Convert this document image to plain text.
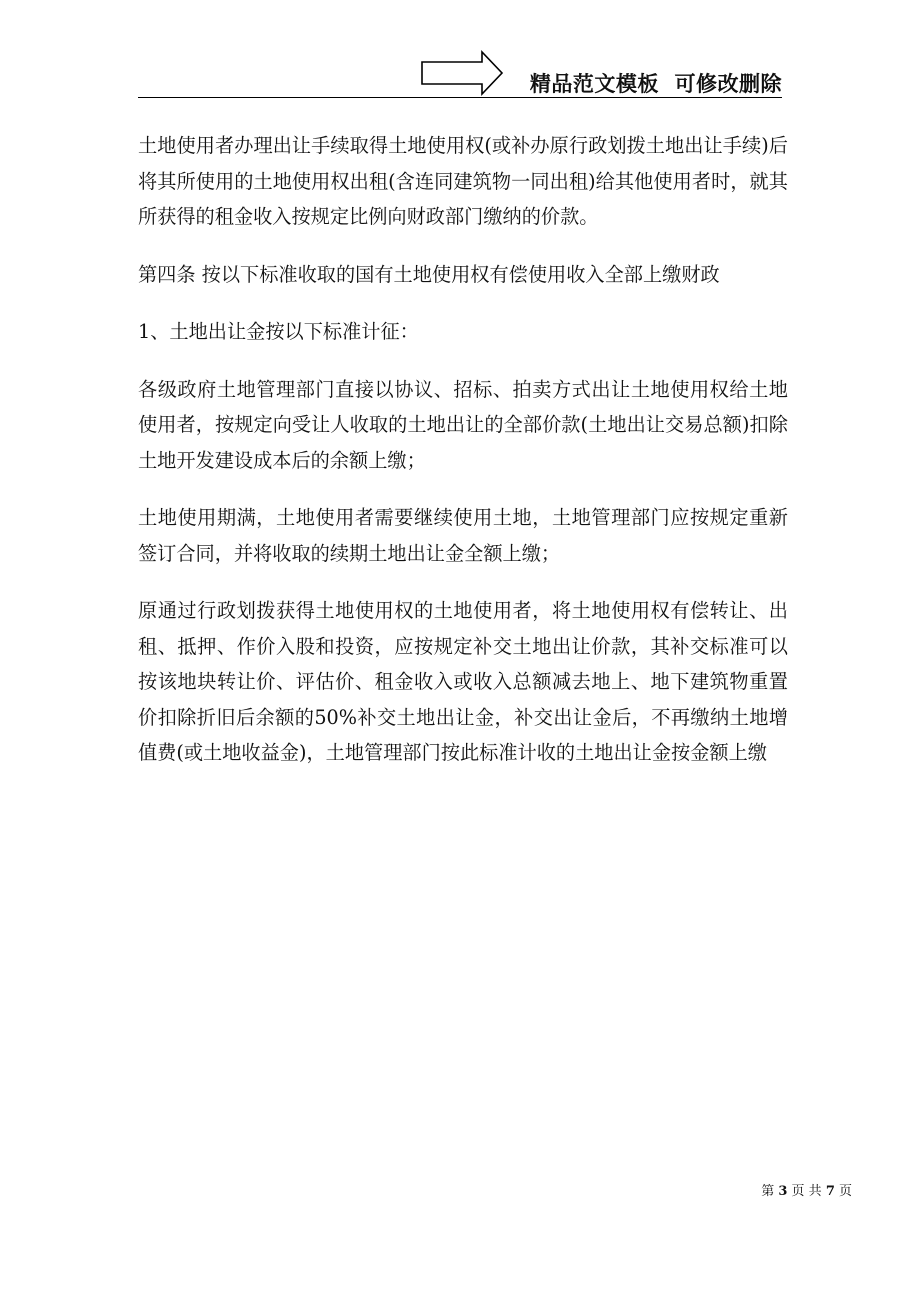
精品范文模板  可修改删除

土地使用者办理出让手续取得土地使用权(或补办原行政划拨土地出让手续)后将其所使用的土地使用权出租(含连同建筑物一同出租)给其他使用者时，就其所获得的租金收入按规定比例向财政部门缴纳的价款。

第四条 按以下标准收取的国有土地使用权有偿使用收入全部上缴财政

1、土地出让金按以下标准计征：

各级政府土地管理部门直接以协议、招标、拍卖方式出让土地使用权给土地使用者，按规定向受让人收取的土地出让的全部价款(土地出让交易总额)扣除土地开发建设成本后的余额上缴；

土地使用期满，土地使用者需要继续使用土地，土地管理部门应按规定重新签订合同，并将收取的续期土地出让金全额上缴；

原通过行政划拨获得土地使用权的土地使用者，将土地使用权有偿转让、出租、抵押、作价入股和投资，应按规定补交土地出让价款，其补交标准可以按该地块转让价、评估价、租金收入或收入总额减去地上、地下建筑物重置价扣除折旧后余额的50%补交土地出让金，补交出让金后，不再缴纳土地增值费(或土地收益金)，土地管理部门按此标准计收的土地出让金按金额上缴

第 3 页 共 7 页
